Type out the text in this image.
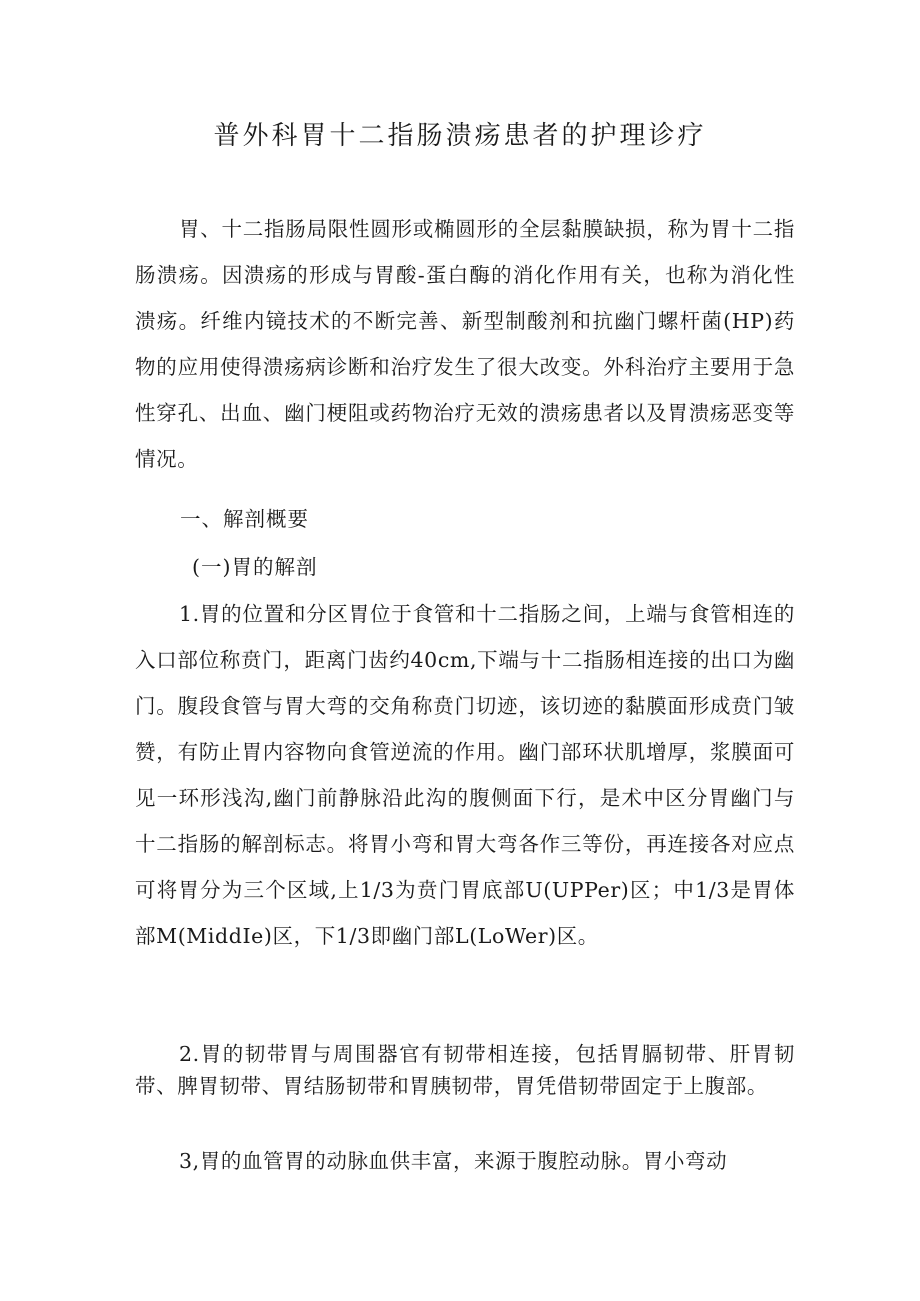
普外科胃十二指肠溃疡患者的护理诊疗

胃、十二指肠局限性圆形或椭圆形的全层黏膜缺损，称为胃十二指肠溃疡。因溃疡的形成与胃酸-蛋白酶的消化作用有关，也称为消化性溃疡。纤维内镜技术的不断完善、新型制酸剂和抗幽门螺杆菌(HP)药物的应用使得溃疡病诊断和治疗发生了很大改变。外科治疗主要用于急性穿孔、出血、幽门梗阻或药物治疗无效的溃疡患者以及胃溃疡恶变等情况。

一、解剖概要

(一)胃的解剖

1.胃的位置和分区胃位于食管和十二指肠之间，上端与食管相连的入口部位称贲门，距离门齿约40cm,下端与十二指肠相连接的出口为幽门。腹段食管与胃大弯的交角称贲门切迹，该切迹的黏膜面形成贲门皱赞，有防止胃内容物向食管逆流的作用。幽门部环状肌增厚，浆膜面可见一环形浅沟,幽门前静脉沿此沟的腹侧面下行，是术中区分胃幽门与十二指肠的解剖标志。将胃小弯和胃大弯各作三等份，再连接各对应点可将胃分为三个区域,上1/3为贲门胃底部U(UPPer)区；中1/3是胃体部M(MiddIe)区，下1/3即幽门部L(LoWer)区。

2.胃的韧带胃与周围器官有韧带相连接，包括胃膈韧带、肝胃韧带、脾胃韧带、胃结肠韧带和胃胰韧带，胃凭借韧带固定于上腹部。

3,胃的血管胃的动脉血供丰富，来源于腹腔动脉。胃小弯动
